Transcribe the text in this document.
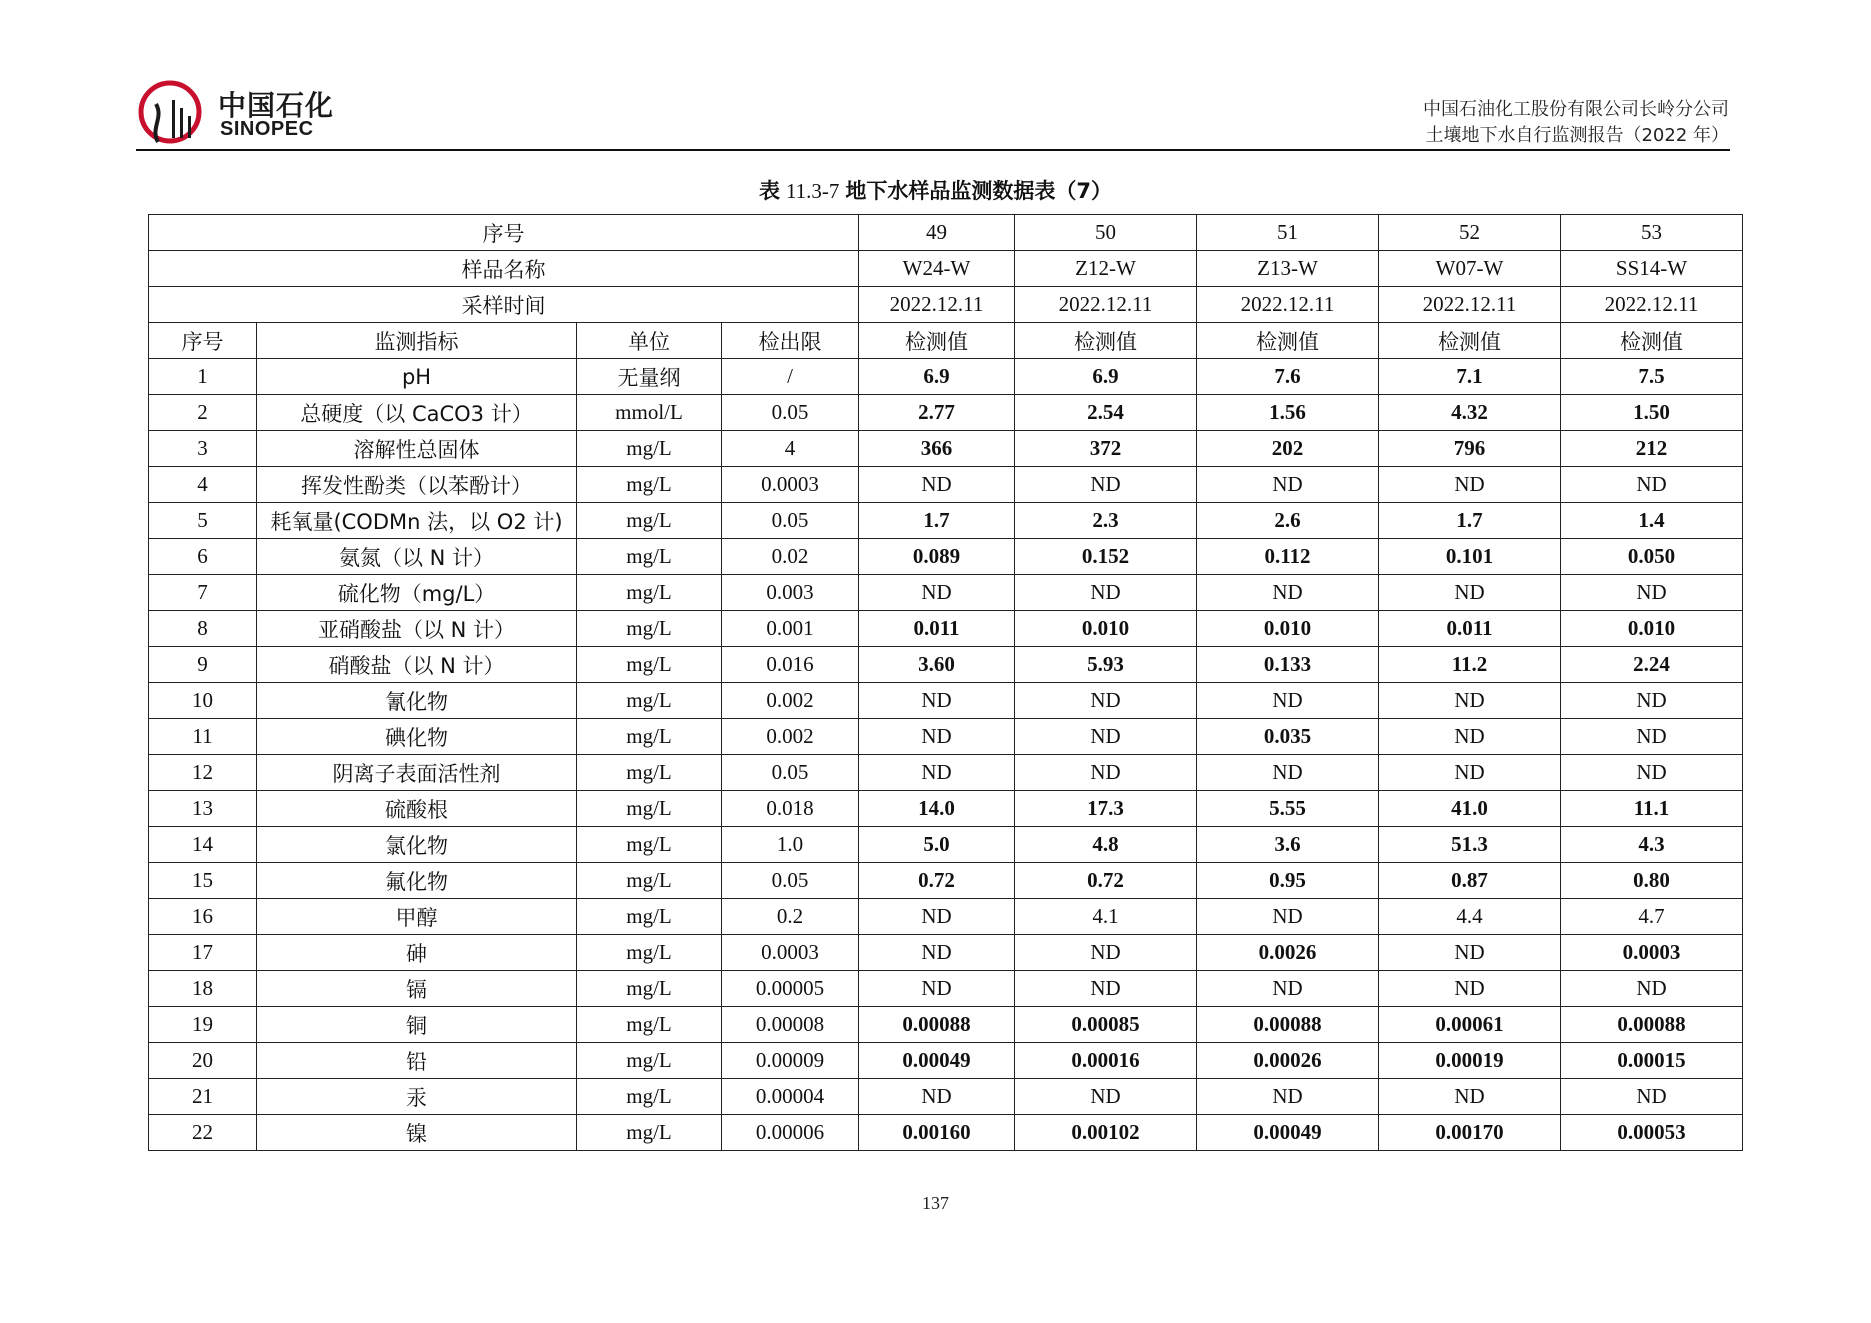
中国石化
SINOPEC
中国石油化工股份有限公司长岭分公司
土壤地下水自行监测报告（2022 年）
表 11.3-7 地下水样品监测数据表（7）
序号				49	50	51	52	53
样品名称				W24-W	Z12-W	Z13-W	W07-W	SS14-W
采样时间				2022.12.11	2022.12.11	2022.12.11	2022.12.11	2022.12.11
序号	监测指标	单位	检出限	检测值	检测值	检测值	检测值	检测值
1	pH	无量纲	/	6.9	6.9	7.6	7.1	7.5
2	总硬度（以 CaCO3 计）	mmol/L	0.05	2.77	2.54	1.56	4.32	1.50
3	溶解性总固体	mg/L	4	366	372	202	796	212
4	挥发性酚类（以苯酚计）	mg/L	0.0003	ND	ND	ND	ND	ND
5	耗氧量(CODMn 法，以 O2 计)	mg/L	0.05	1.7	2.3	2.6	1.7	1.4
6	氨氮（以 N 计）	mg/L	0.02	0.089	0.152	0.112	0.101	0.050
7	硫化物（mg/L）	mg/L	0.003	ND	ND	ND	ND	ND
8	亚硝酸盐（以 N 计）	mg/L	0.001	0.011	0.010	0.010	0.011	0.010
9	硝酸盐（以 N 计）	mg/L	0.016	3.60	5.93	0.133	11.2	2.24
10	氰化物	mg/L	0.002	ND	ND	ND	ND	ND
11	碘化物	mg/L	0.002	ND	ND	0.035	ND	ND
12	阴离子表面活性剂	mg/L	0.05	ND	ND	ND	ND	ND
13	硫酸根	mg/L	0.018	14.0	17.3	5.55	41.0	11.1
14	氯化物	mg/L	1.0	5.0	4.8	3.6	51.3	4.3
15	氟化物	mg/L	0.05	0.72	0.72	0.95	0.87	0.80
16	甲醇	mg/L	0.2	ND	4.1	ND	4.4	4.7
17	砷	mg/L	0.0003	ND	ND	0.0026	ND	0.0003
18	镉	mg/L	0.00005	ND	ND	ND	ND	ND
19	铜	mg/L	0.00008	0.00088	0.00085	0.00088	0.00061	0.00088
20	铅	mg/L	0.00009	0.00049	0.00016	0.00026	0.00019	0.00015
21	汞	mg/L	0.00004	ND	ND	ND	ND	ND
22	镍	mg/L	0.00006	0.00160	0.00102	0.00049	0.00170	0.00053
137
